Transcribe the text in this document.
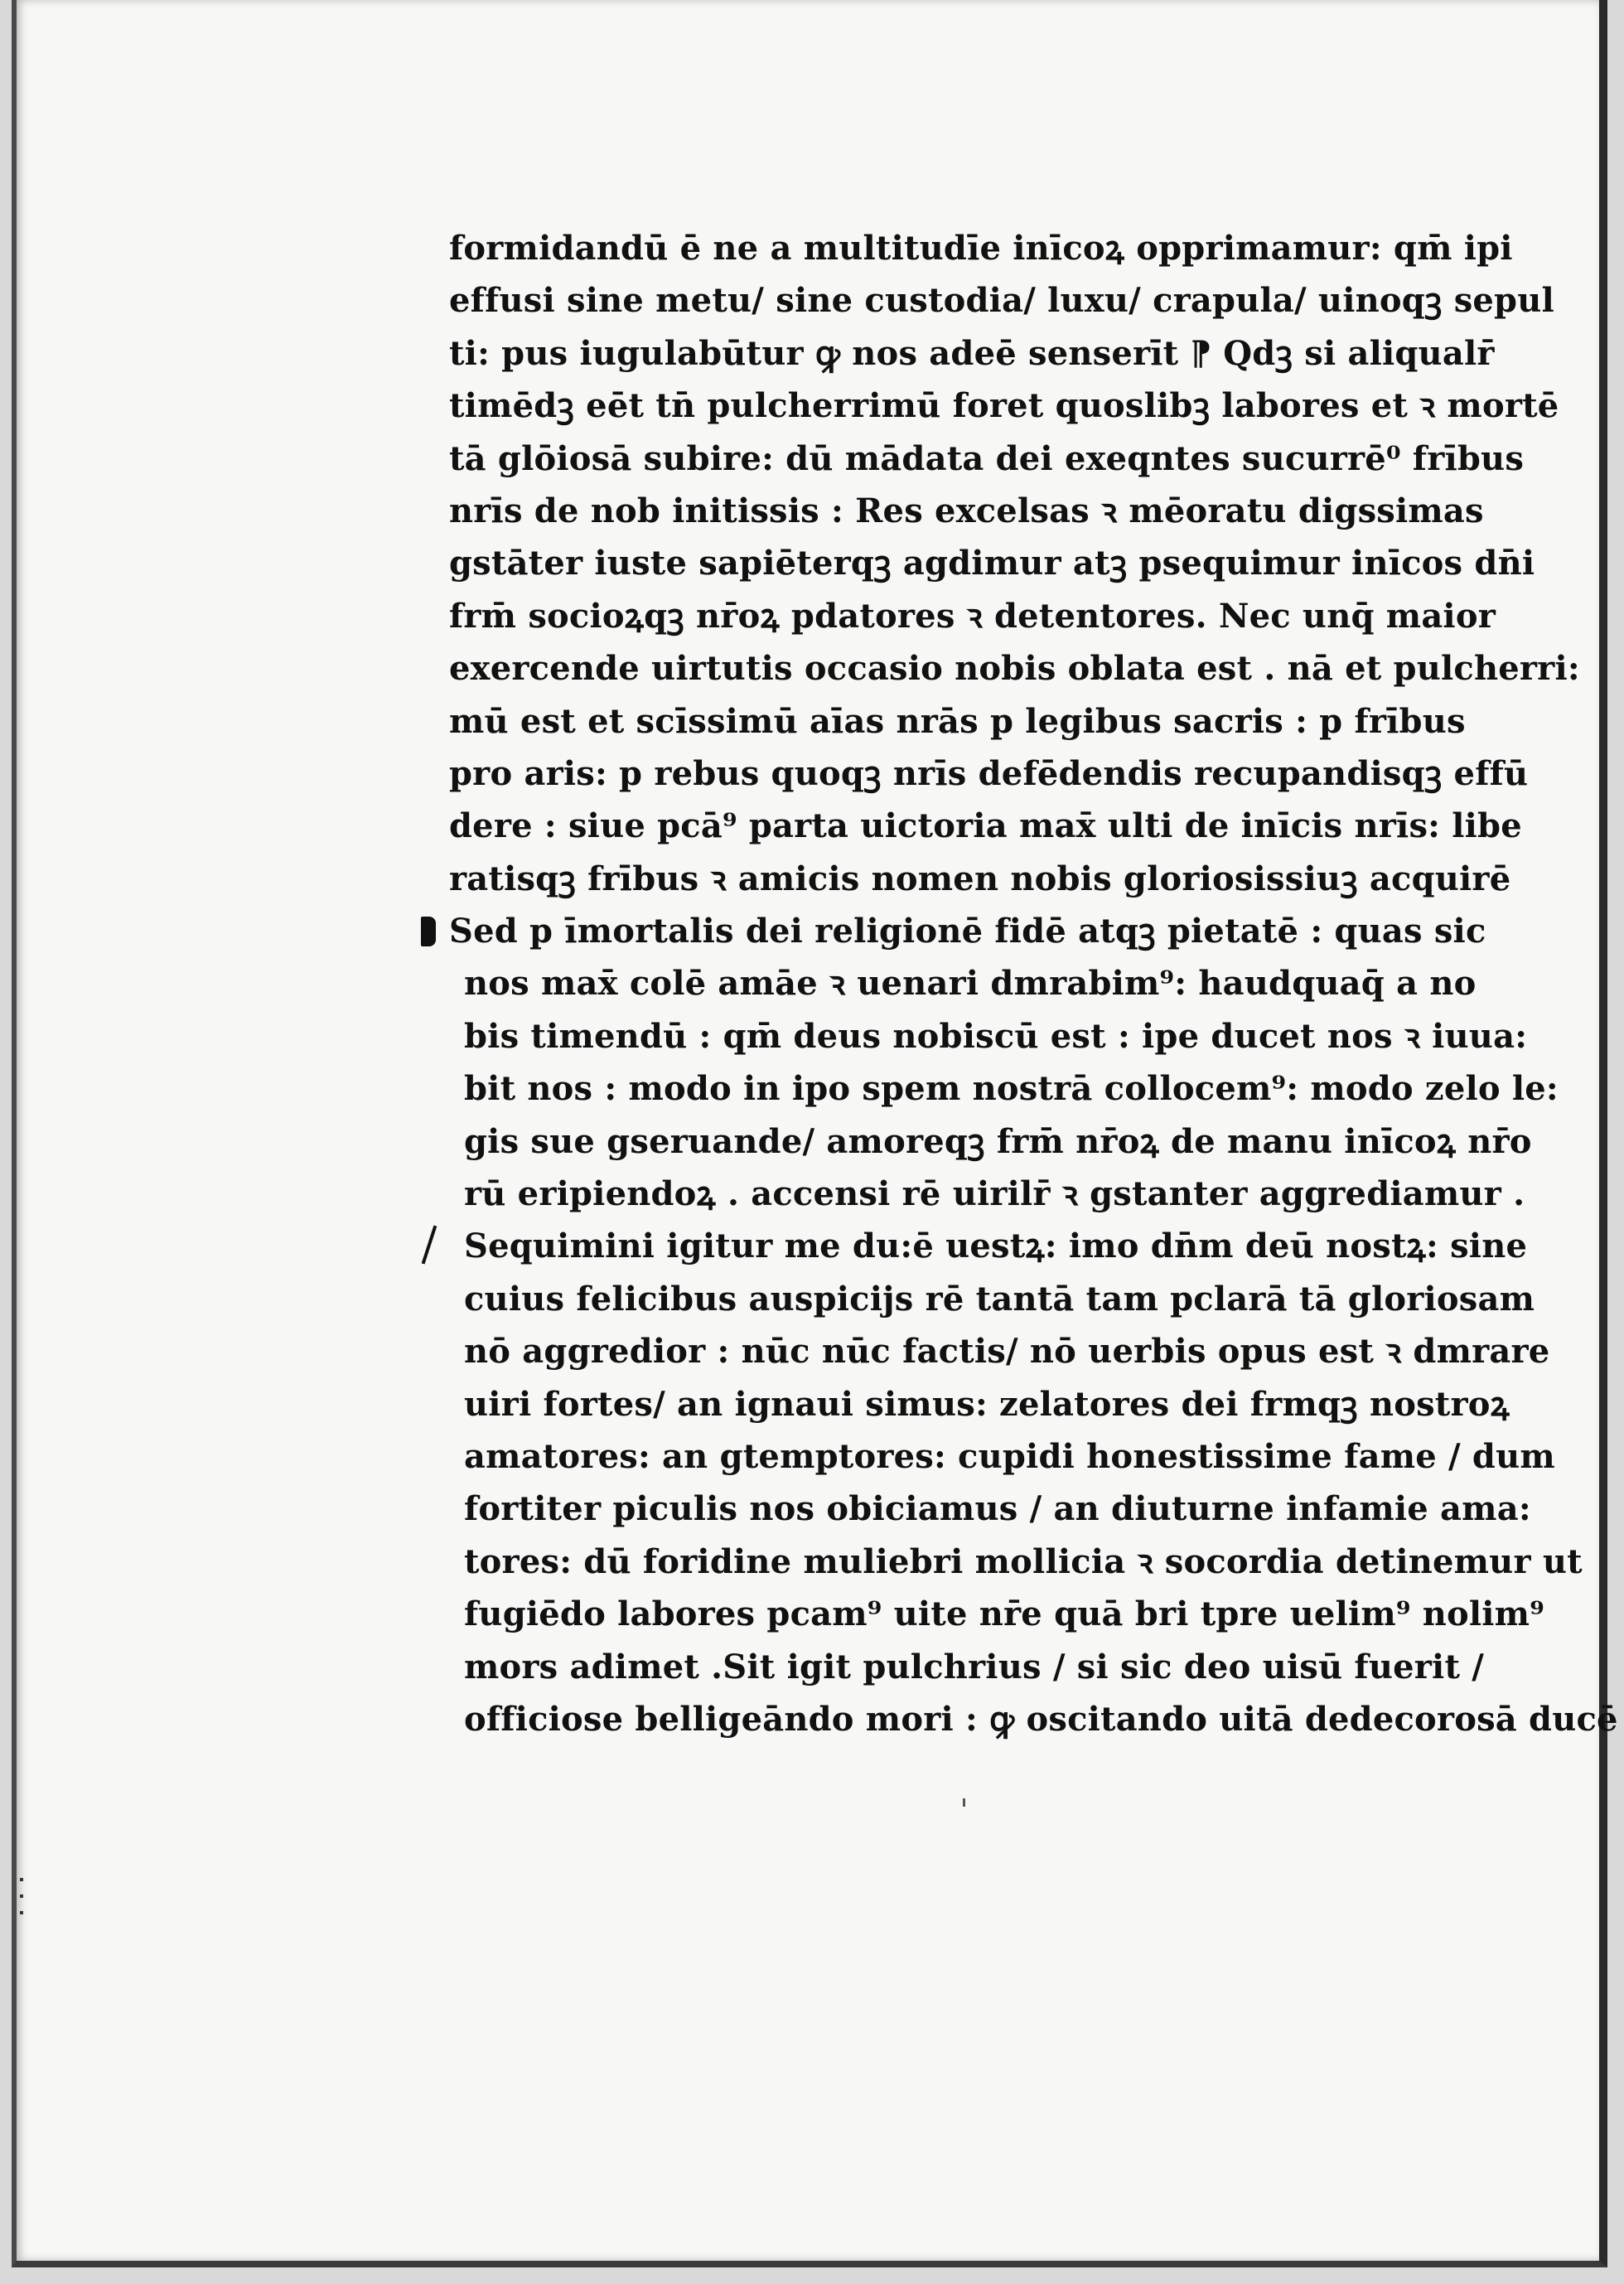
formidandū ē ne a multitudīe inīcoꝝ opprimamur: qm̄ ipi
effusi sine metu/ sine custodia/ luxu/ crapula/ uinoqꝫ sepul
ti: pus iugulabūtur ꝙ nos adeē senserīt ⁋ Qdꝫ si aliqualr̄
timēdꝫ eēt tn̄ pulcherrimū foret quoslibꝫ labores et ꝛ mortē
tā glōiosā subire: dū mādata dei exeqntes sucurrē⁰ frībus
nrīs de nob initissis : Res excelsas ꝛ mēoratu digssimas
gstāter iuste sapiēterqꝫ agdimur atꝫ psequimur inīcos dn̄i
frm̄ socioꝝqꝫ nr̄oꝝ pdatores ꝛ detentores. Nec unq̄ maior
exercende uirtutis occasio nobis oblata est . nā et pulcherri:
mū est et scīssimū aīas nrās p legibus sacris : p frībus
pro aris: p rebus quoqꝫ nrīs defēdendis recupandisqꝫ effū
dere : siue pcā⁹ parta uictoria max̄ ulti de inīcis nrīs: libe
ratisqꝫ frībus ꝛ amicis nomen nobis gloriosissiuꝫ acquirē
Sed p īmortalis dei religionē fidē atqꝫ pietatē : quas sic
nos max̄ colē amāe ꝛ uenari dmrabim⁹: haudquaq̄ a no
bis timendū : qm̄ deus nobiscū est : ipe ducet nos ꝛ iuua:
bit nos : modo in ipo spem nostrā collocem⁹: modo zelo le:
gis sue gseruande/ amoreqꝫ frm̄ nr̄oꝝ de manu inīcoꝝ nr̄o
rū eripiendoꝝ . accensi rē uirilr̄ ꝛ gstanter aggrediamur .
Sequimini igitur me du:ē uestꝝ: imo dn̄m deū nostꝝ: sine
cuius felicibus auspicijs rē tantā tam pclarā tā gloriosam
nō aggredior : nūc nūc factis/ nō uerbis opus est ꝛ dmrare
uiri fortes/ an ignaui simus: zelatores dei frmqꝫ nostroꝝ
amatores: an gtemptores: cupidi honestissime fame / dum
fortiter piculis nos obiciamus / an diuturne infamie ama:
tores: dū foridine muliebri mollicia ꝛ socordia detinemur ut
fugiēdo labores pcam⁹ uite nr̄e quā bri tpre uelim⁹ nolim⁹
mors adimet .Sit igit pulchrius / si sic deo uisū fuerit /
officiose belligeāndo mori : ꝙ oscitando uitā dedecorosā ducē
